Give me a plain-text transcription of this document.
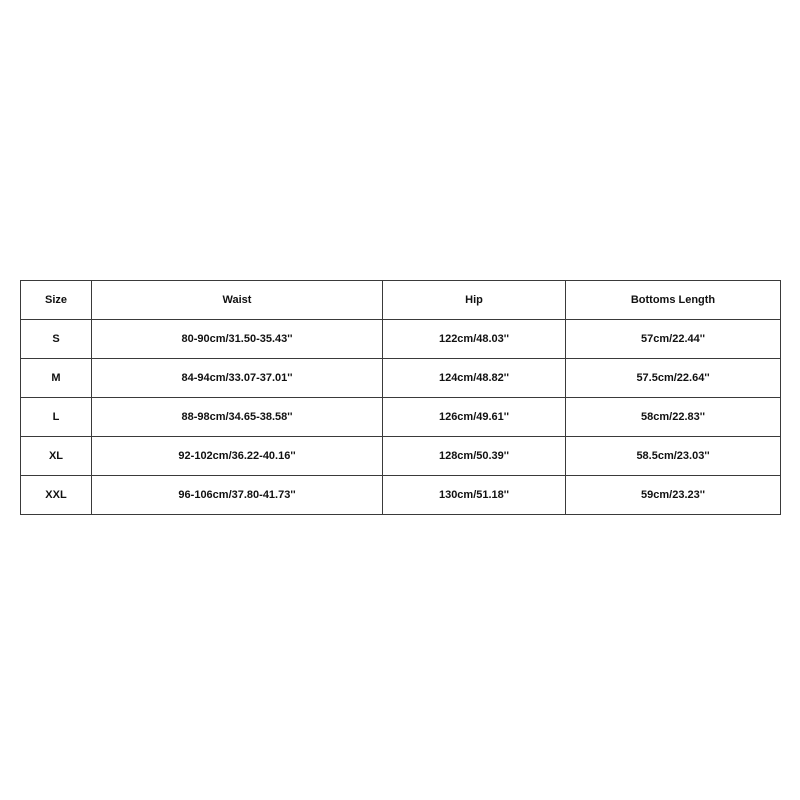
Size	Waist	Hip	Bottoms Length
S	80-90cm/31.50-35.43''	122cm/48.03''	57cm/22.44''
M	84-94cm/33.07-37.01''	124cm/48.82''	57.5cm/22.64''
L	88-98cm/34.65-38.58''	126cm/49.61''	58cm/22.83''
XL	92-102cm/36.22-40.16''	128cm/50.39''	58.5cm/23.03''
XXL	96-106cm/37.80-41.73''	130cm/51.18''	59cm/23.23''
